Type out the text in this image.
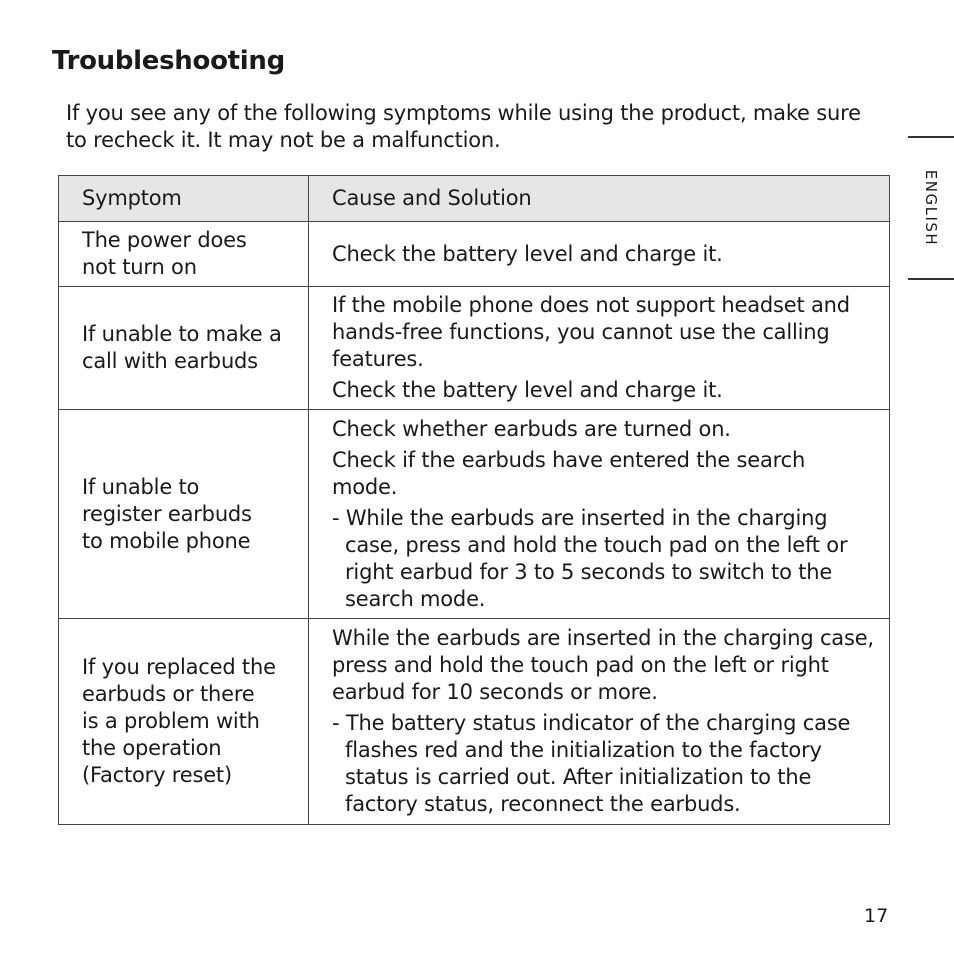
Troubleshooting

If you see any of the following symptoms while using the product, make sure to recheck it. It may not be a malfunction.

ENGLISH
Symptom	Cause and Solution

The power does not turn on	Check the battery level and charge it.

If unable to make a call with earbuds	If the mobile phone does not support headset and hands-free functions, you cannot use the calling features.

Check the battery level and charge it.

If unable to register earbuds to mobile phone	Check whether earbuds are turned on.

Check if the earbuds have entered the search mode.

- While the earbuds are inserted in the charging case, press and hold the touch pad on the left or right earbud for 3 to 5 seconds to switch to the search mode.

If you replaced the earbuds or there is a problem with the operation (Factory reset)	While the earbuds are inserted in the charging case, press and hold the touch pad on the left or right earbud for 10 seconds or more.

- The battery status indicator of the charging case flashes red and the initialization to the factory status is carried out. After initialization to the factory status, reconnect the earbuds.

17
